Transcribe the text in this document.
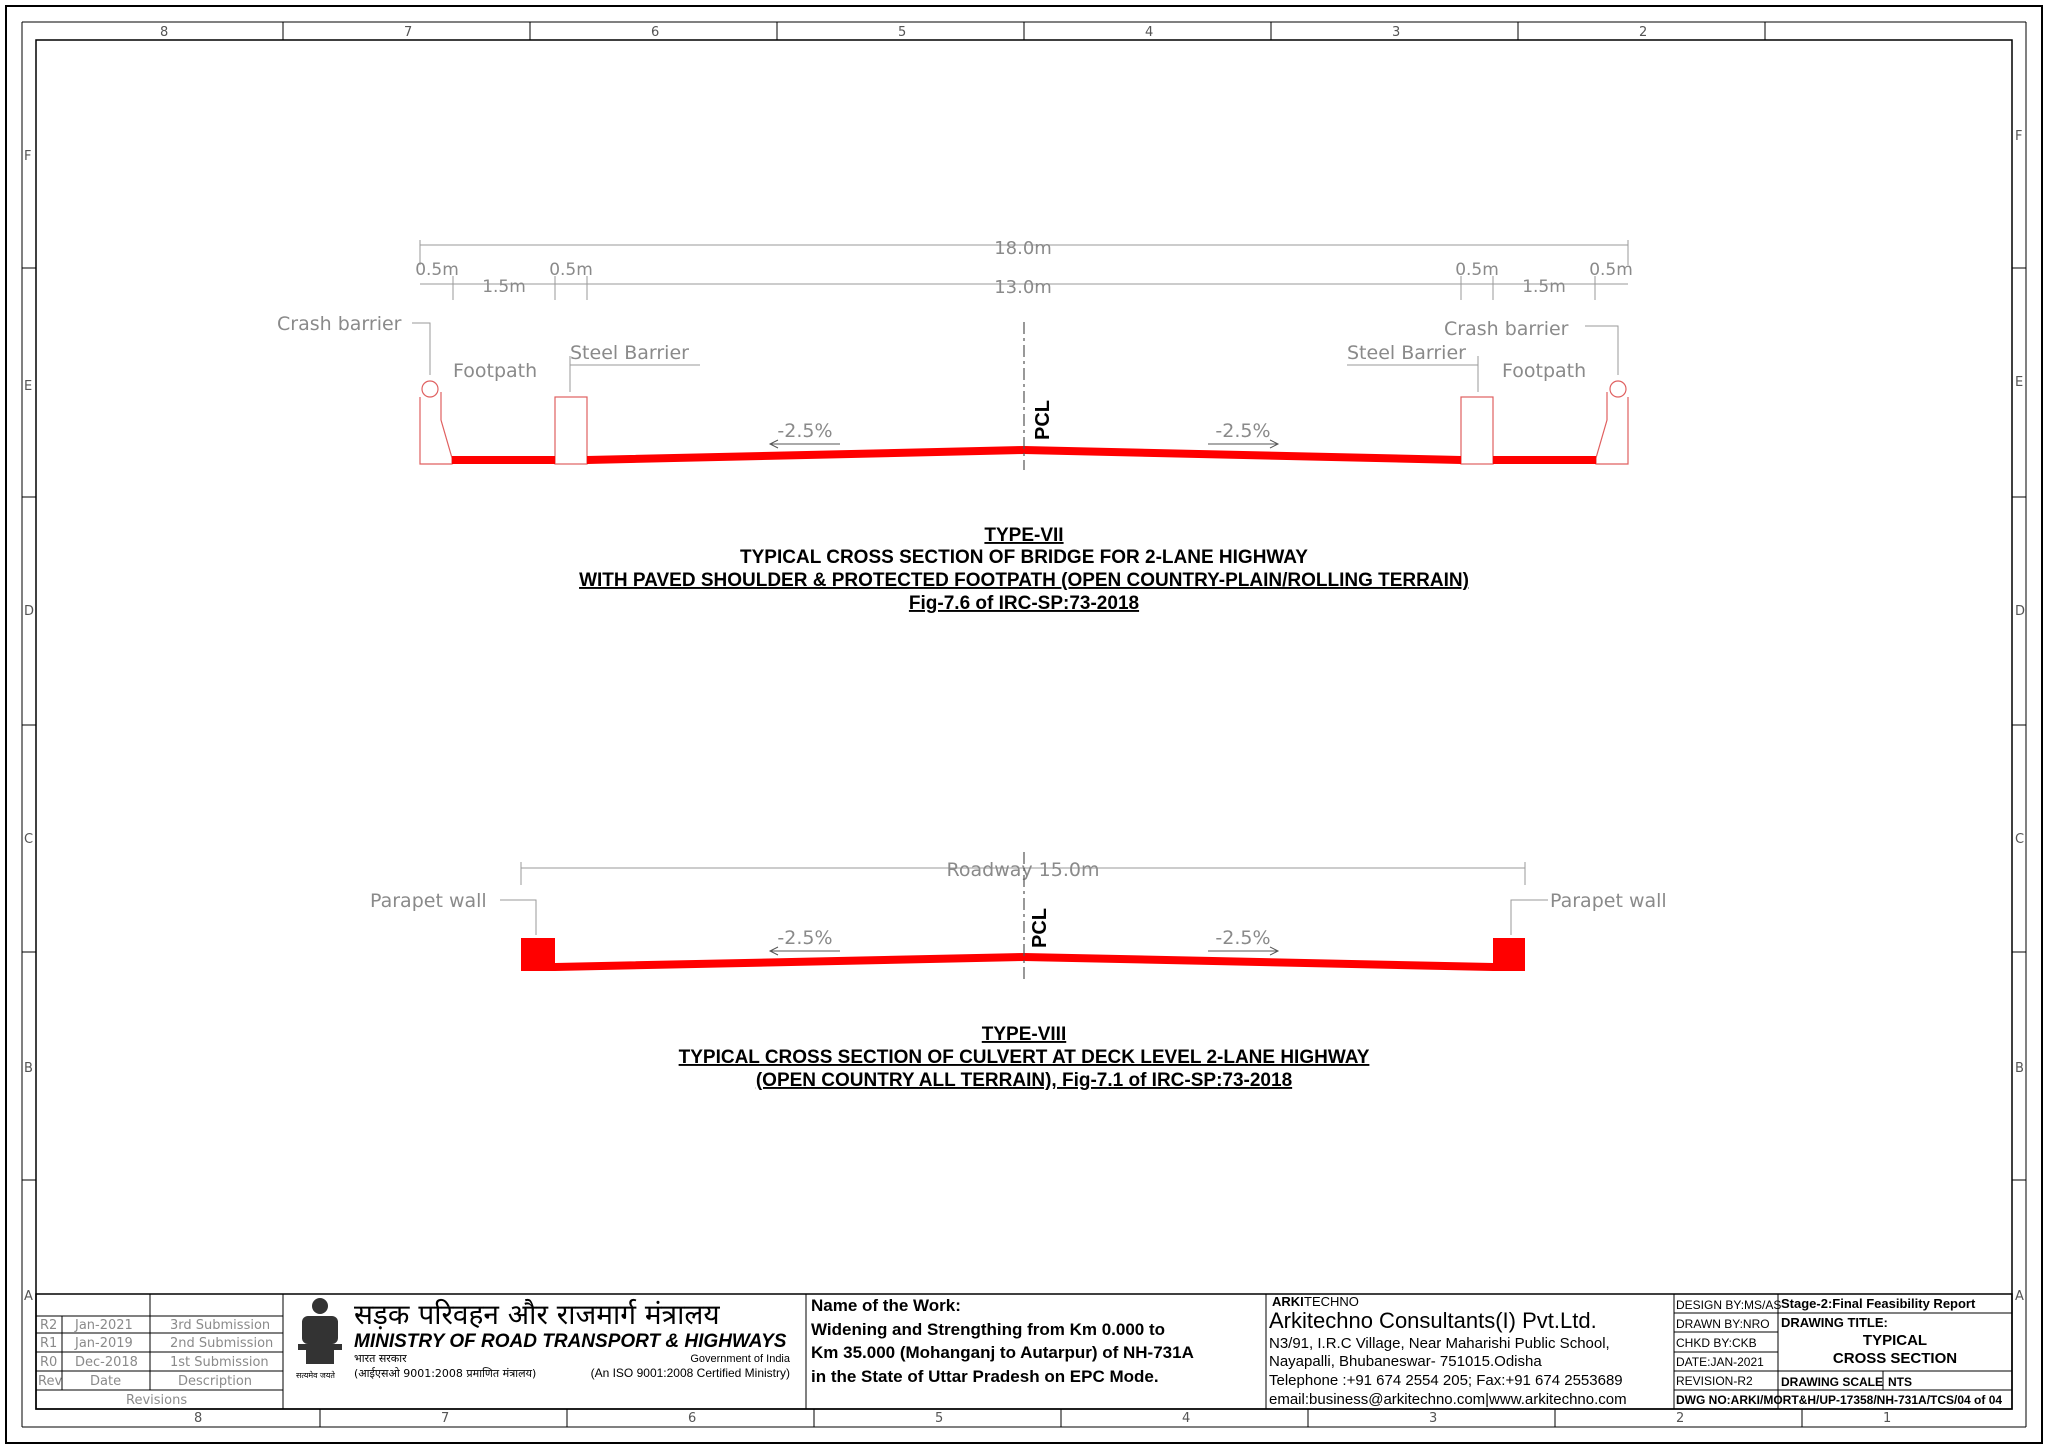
8	7	6	5	4	3	2
8	7	6	5	4	3	2	1
F
E
D
C
B
A
F
E
D
C
B
A
18.0m
13.0m
0.5m
1.5m
0.5m	0.5m
1.5m
0.5m
Crash barrier	Crash barrier
Footpath	Footpath
Steel Barrier	Steel Barrier
PCL
-2.5%	-2.5%
TYPE-VII
TYPICAL CROSS SECTION OF BRIDGE FOR 2-LANE HIGHWAY
WITH PAVED SHOULDER & PROTECTED FOOTPATH (OPEN COUNTRY-PLAIN/ROLLING TERRAIN)
Fig-7.6 of IRC-SP:73-2018
Roadway 15.0m
Parapet wall	Parapet wall
PCL
-2.5%	-2.5%
TYPE-VIII
TYPICAL CROSS SECTION OF CULVERT AT DECK LEVEL 2-LANE HIGHWAY
(OPEN COUNTRY ALL TERRAIN), Fig-7.1 of IRC-SP:73-2018
R2 Jan-2021	3rd Submission
R1 Jan-2019	2nd Submission
R0 Dec-2018 1st Submission
Rev Date	Description
Revisions
सत्यमेव जयते
सड़क परिवहन और राजमार्ग मंत्रालय
MINISTRY OF ROAD TRANSPORT & HIGHWAYS
भारत सरकार	Government of India
(आईएसओ 9001:2008 प्रमाणित मंत्रालय)	(An ISO 9001:2008 Certified Ministry)
Name of the Work:
Widening and Strengthing from Km 0.000 to
Km 35.000 (Mohanganj to Autarpur) of NH-731A
in the State of Uttar Pradesh on EPC Mode.
ARKI TECHNO
Arkitechno Consultants(I) Pvt.Ltd.
N3/91, I.R.C Village, Near Maharishi Public School,
Nayapalli, Bhubaneswar- 751015.Odisha
Telephone :+91 674 2554 205; Fax:+91 674 2553689
email:business@arkitechno.com|www.arkitechno.com
DESIGN BY:MS/AS
DRAWN BY:NRO
CHKD BY:CKB
DATE:JAN-2021
REVISION-R2
Stage-2:Final Feasibility Report
DRAWING TITLE:
TYPICAL
CROSS SECTION
DRAWING SCALE NTS
DWG NO:ARKI/MORT&H/UP-17358/NH-731A/TCS/04 of 04
